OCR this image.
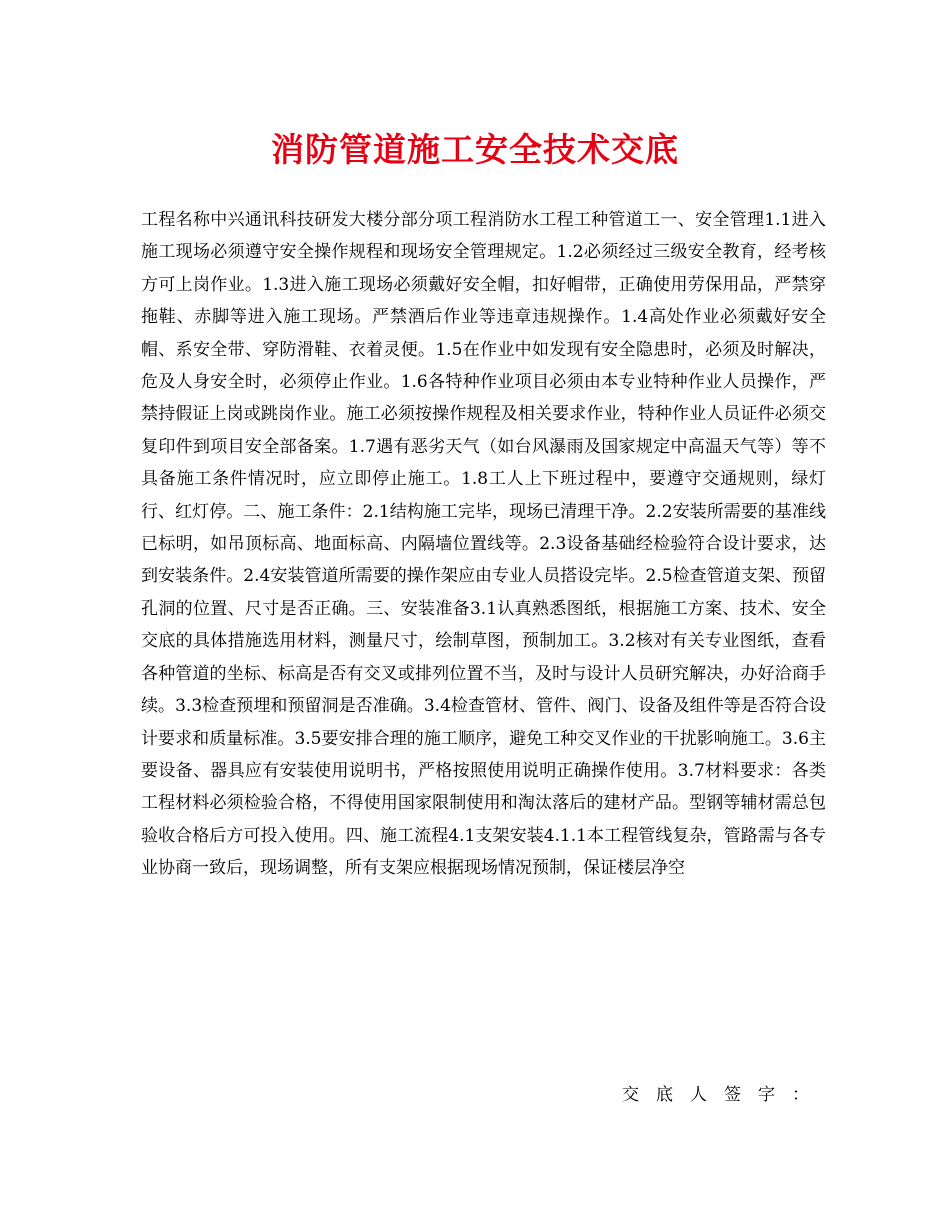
消防管道施工安全技术交底

工程名称中兴通讯科技研发大楼分部分项工程消防水工程工种管道工一、安全管理1.1进入施工现场必须遵守安全操作规程和现场安全管理规定。1.2必须经过三级安全教育，经考核方可上岗作业。1.3进入施工现场必须戴好安全帽，扣好帽带，正确使用劳保用品，严禁穿拖鞋、赤脚等进入施工现场。严禁酒后作业等违章违规操作。1.4高处作业必须戴好安全帽、系安全带、穿防滑鞋、衣着灵便。1.5在作业中如发现有安全隐患时，必须及时解决，危及人身安全时，必须停止作业。1.6各特种作业项目必须由本专业特种作业人员操作，严禁持假证上岗或跳岗作业。施工必须按操作规程及相关要求作业，特种作业人员证件必须交复印件到项目安全部备案。1.7遇有恶劣天气（如台风瀑雨及国家规定中高温天气等）等不具备施工条件情况时，应立即停止施工。1.8工人上下班过程中，要遵守交通规则，绿灯行、红灯停。二、施工条件：2.1结构施工完毕，现场已清理干净。2.2安装所需要的基准线已标明，如吊顶标高、地面标高、内隔墙位置线等。2.3设备基础经检验符合设计要求，达到安装条件。2.4安装管道所需要的操作架应由专业人员搭设完毕。2.5检查管道支架、预留孔洞的位置、尺寸是否正确。三、安装准备3.1认真熟悉图纸，根据施工方案、技术、安全交底的具体措施选用材料，测量尺寸，绘制草图，预制加工。3.2核对有关专业图纸，查看各种管道的坐标、标高是否有交叉或排列位置不当，及时与设计人员研究解决，办好洽商手续。3.3检查预埋和预留洞是否准确。3.4检查管材、管件、阀门、设备及组件等是否符合设计要求和质量标准。3.5要安排合理的施工顺序，避免工种交叉作业的干扰影响施工。3.6主要设备、器具应有安装使用说明书，严格按照使用说明正确操作使用。3.7材料要求：各类工程材料必须检验合格，不得使用国家限制使用和淘汰落后的建材产品。型钢等辅材需总包验收合格后方可投入使用。四、施工流程4.1支架安装4.1.1本工程管线复杂，管路需与各专业协商一致后，现场调整，所有支架应根据现场情况预制，保证楼层净空

交底人签字：
